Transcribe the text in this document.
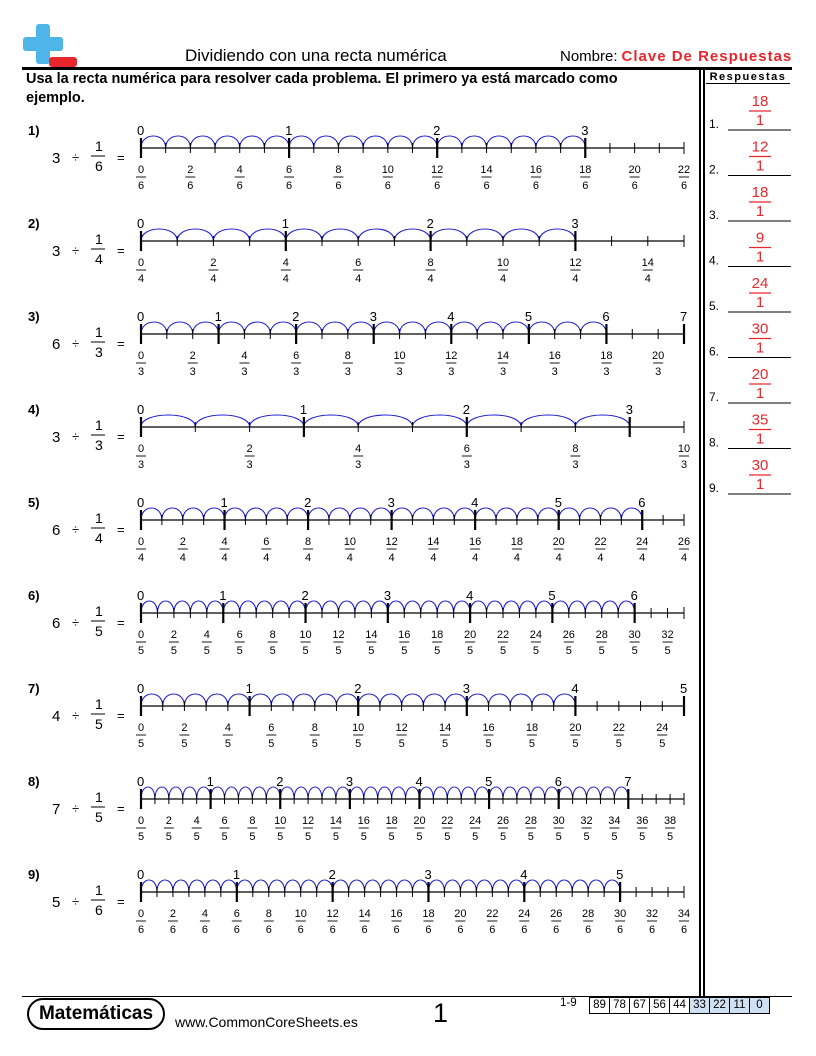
Dividiendo con una recta numérica	Nombre: Clave De Respuestas
Usa la recta numérica para resolver cada problema. El primero ya está marcado como ejemplo.
Respuestas
1)
3 ÷
1
6
=
0
0
6
2
6
4
6
1
6
6
8
6
10
6
2
12
6
14
6
16
6
3
18
6
20
6
22
6
2)
3 ÷
1
4
=
0
0
4
2
4
1
4
4
6
4
2
8
4
10
4
3
12
4
14
4
3)
6 ÷
1
3
=
0
0
3
2
3
1
4
3
2
6
3
8
3
3
10
3
4
12
3
14
3
5
16
3
6
18
3
20
3
7
4)
3 ÷
1
3
=
0
0
3
2
3
1
4
3
2
6
3
8
3
3
10
3
5)
6 ÷
1
4
=
0
0
4
2
4
1
4
4
6
4
2
8
4
10
4
3
12
4
14
4
4
16
4
18
4
5
20
4
22
4
6
24
4
26
4
6)
6 ÷
1
5
=
0
0
5
2
5
4
5
1
6
5
8
5
2
10
5
12
5
14
5
3
16
5
18
5
4
20
5
22
5
24
5
5
26
5
28
5
6
30
5
32
5
7)
4 ÷
1
5
=
0
0
5
2
5
4
5
1
6
5
8
5
2
10
5
12
5
14
5
3
16
5
18
5
4
20
5
22
5
24
5
5
8)
7 ÷
1
5
=
0
0
5
2
5
4
5
1
6
5
8
5
2
10
5
12
5
14
5
3
16
5
18
5
4
20
5
22
5
24
5
5
26
5
28
5
6
30
5
32
5
34
5
7
36
5
38
5
9)
5 ÷
1
6
=
0
0
6
2
6
4
6
1
6
6
8
6
10
6
2
12
6
14
6
16
6
3
18
6
20
6
22
6
4
24
6
26
6
28
6
5
30
6
32
6
34
6
1.
18
1
2.
12
1
3.
18
1
4.
9
1
5.
24
1
6.
30
1
7.
20
1
8.
35
1
9.
30
1
Matemáticas	www.CommonCoreSheets.es	1	1-9	89 78 67 56 44 33 22 11 0
